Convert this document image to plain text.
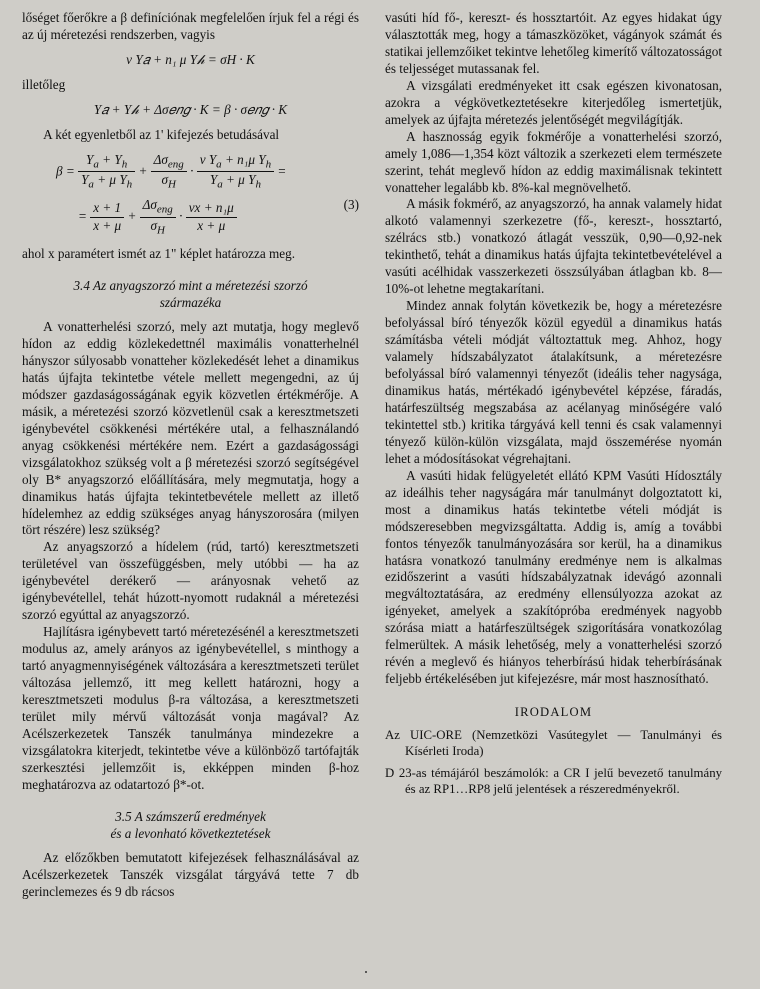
lőséget főerőkre a β definíciónak megfelelően írjuk fel a régi és az új méretezési rendszerben, vagyis

ν Y𝑎 + n₁ μ Y𝒽 = σH · K

illetőleg

Y𝑎 + Y𝒽 + Δσ𝑒𝑛𝑔 · K = β · σ𝑒𝑛𝑔 · K

A két egyenletből az 1' kifejezés betudásával

$\beta = \frac{Y_a + Y_h}{Y_a + \mu Y_h} + \frac{\Delta\sigma_{eng}}{\sigma_H} \cdot \frac{\nu Y_a + n_1\mu Y_h}{Y_a + \mu Y_h}$ =
= $\frac{x + 1}{x + \mu} + \frac{\Delta\sigma_{eng}}{\sigma_H} \cdot \frac{\text{νx + n₁μ}}{x + \mu}$	(3)

ahol x paramétert ismét az 1" képlet határozza meg.

3.4 Az anyagszorzó mint a méretezési szorzó
származéka

A vonatterhelési szorzó, mely azt mutatja, hogy meglevő hídon az eddig közlekedettnél maximális vonatterhelnél hányszor súlyosabb vonatteher közlekedését lehet a dinamikus hatás újfajta tekintetbe vétele mellett megengedni, az új módszer gazdaságosságának egyik közvetlen értékmérője. A másik, a méretezési szorzó közvetlenül csak a keresztmetszeti igénybevétel csökkenési mértékére utal, a felhasználandó anyag csökkenési mértékére nem. Ezért a gazdaságossági vizsgálatokhoz szükség volt a β méretezési szorzó segítségével oly B* anyagszorzó előállítására, mely megmutatja, hogy a dinamikus hatás újfajta tekintetbevétele mellett az illető hídelemhez az eddig szükséges anyag hányszorosára (milyen tört részére) lesz szükség?

Az anyagszorzó a hídelem (rúd, tartó) keresztmetszeti területével van összefüggésben, mely utóbbi — ha az igénybevétel derékerő — arányosnak vehető az igénybevétellel, tehát húzott-nyomott rudaknál a méretezési szorzó egyúttal az anyagszorzó.

Hajlításra igénybevett tartó méretezésénél a keresztmetszeti modulus az, amely arányos az igénybevétellel, s minthogy a tartó anyagmennyiségének változására a keresztmetszeti terület változása jellemző, itt meg kellett határozni, hogy a keresztmetszeti modulus β-ra változása, a keresztmetszeti terület mily mérvű változását vonja magával? Az Acélszerkezetek Tanszék tanulmánya mindezekre a vizsgálatokra kiterjedt, tekintetbe véve a különböző tartófajták szerkesztési jellemzőit is, ekképpen minden β-hoz meghatározva az odatartozó β*-ot.

3.5 A számszerű eredmények
és a levonható következtetések

Az előzőkben bemutatott kifejezések felhasználásával az Acélszerkezetek Tanszék vizsgálat tárgyává tette 7 db gerinclemezes és 9 db rácsos

vasúti híd fő-, kereszt- és hossztartóit. Az egyes hidakat úgy választották meg, hogy a támaszközöket, vágányok számát és statikai jellemzőiket tekintve lehetőleg kimerítő változatosságot és teljességet mutassanak fel.

A vizsgálati eredményeket itt csak egészen kivonatosan, azokra a végkövetkeztetésekre kiterjedőleg ismertetjük, amelyek az újfajta méretezés jelentőségét megvilágítják.

A hasznosság egyik fokmérője a vonatterhelési szorzó, amely 1,086—1,354 közt változik a szerkezeti elem természete szerint, tehát meglevő hídon az eddig maximálisnak tekintett vonatteher legalább kb. 8%-kal megnövelhető.

A másik fokmérő, az anyagszorzó, ha annak valamely hidat alkotó valamennyi szerkezetre (fő-, kereszt-, hossztartó, szélrács stb.) vonatkozó átlagát vesszük, 0,90—0,92-nek tekinthető, tehát a dinamikus hatás újfajta tekintetbevételével a vasúti acélhidak vasszerkezeti összsúlyában átlagban kb. 8—10%-ot lehetne megtakarítani.

Mindez annak folytán következik be, hogy a méretezésre befolyással bíró tényezők közül egyedül a dinamikus hatás számításba vételi módját változtattuk meg. Ahhoz, hogy valamely hídszabályzatot átalakítsunk, a méretezésre befolyással bíró valamennyi tényezőt (ideális teher nagysága, dinamikus hatás, mértékadó igénybevétel képzése, fáradás, határfeszültség megszabása az acélanyag minőségére való tekintettel stb.) kritika tárgyává kell tenni és csak valamennyi tényező külön-külön vizsgálata, majd összemérése nyomán lehet a módosításokat végrehajtani.

A vasúti hidak felügyeletét ellátó KPM Vasúti Hídosztály az ideálhis teher nagyságára már tanulmányt dolgoztatott ki, most a dinamikus hatás tekintetbe vételi módját is módszeresebben megvizsgáltatta. Addig is, amíg a további fontos tényezők tanulmányozására sor kerül, ha a dinamikus hatásra vonatkozó tanulmány eredménye nem is alkalmas ezidőszerint a vasúti hídszabályzatnak idevágó azonnali megváltoztatására, az eredmény ellensúlyozza azokat az igényeket, amelyek a szakítópróba eredmények nagyobb szórása miatt a határfeszültségek szigorítására vonatkozólag felmerültek. A másik lehetőség, mely a vonatterhelési szorzó révén a meglevő és hiányos teherbírású hidak teherbírásának feljebb értékelésében jut kifejezésre, már most hasznosítható.

IRODALOM

Az UIC-ORE (Nemzetközi Vasútegylet — Tanulmányi és Kísérleti Iroda)

D 23-as témájáról beszámolók: a CR I jelű bevezető tanulmány és az RP1…RP8 jelű jelentések a részeredményekről.
